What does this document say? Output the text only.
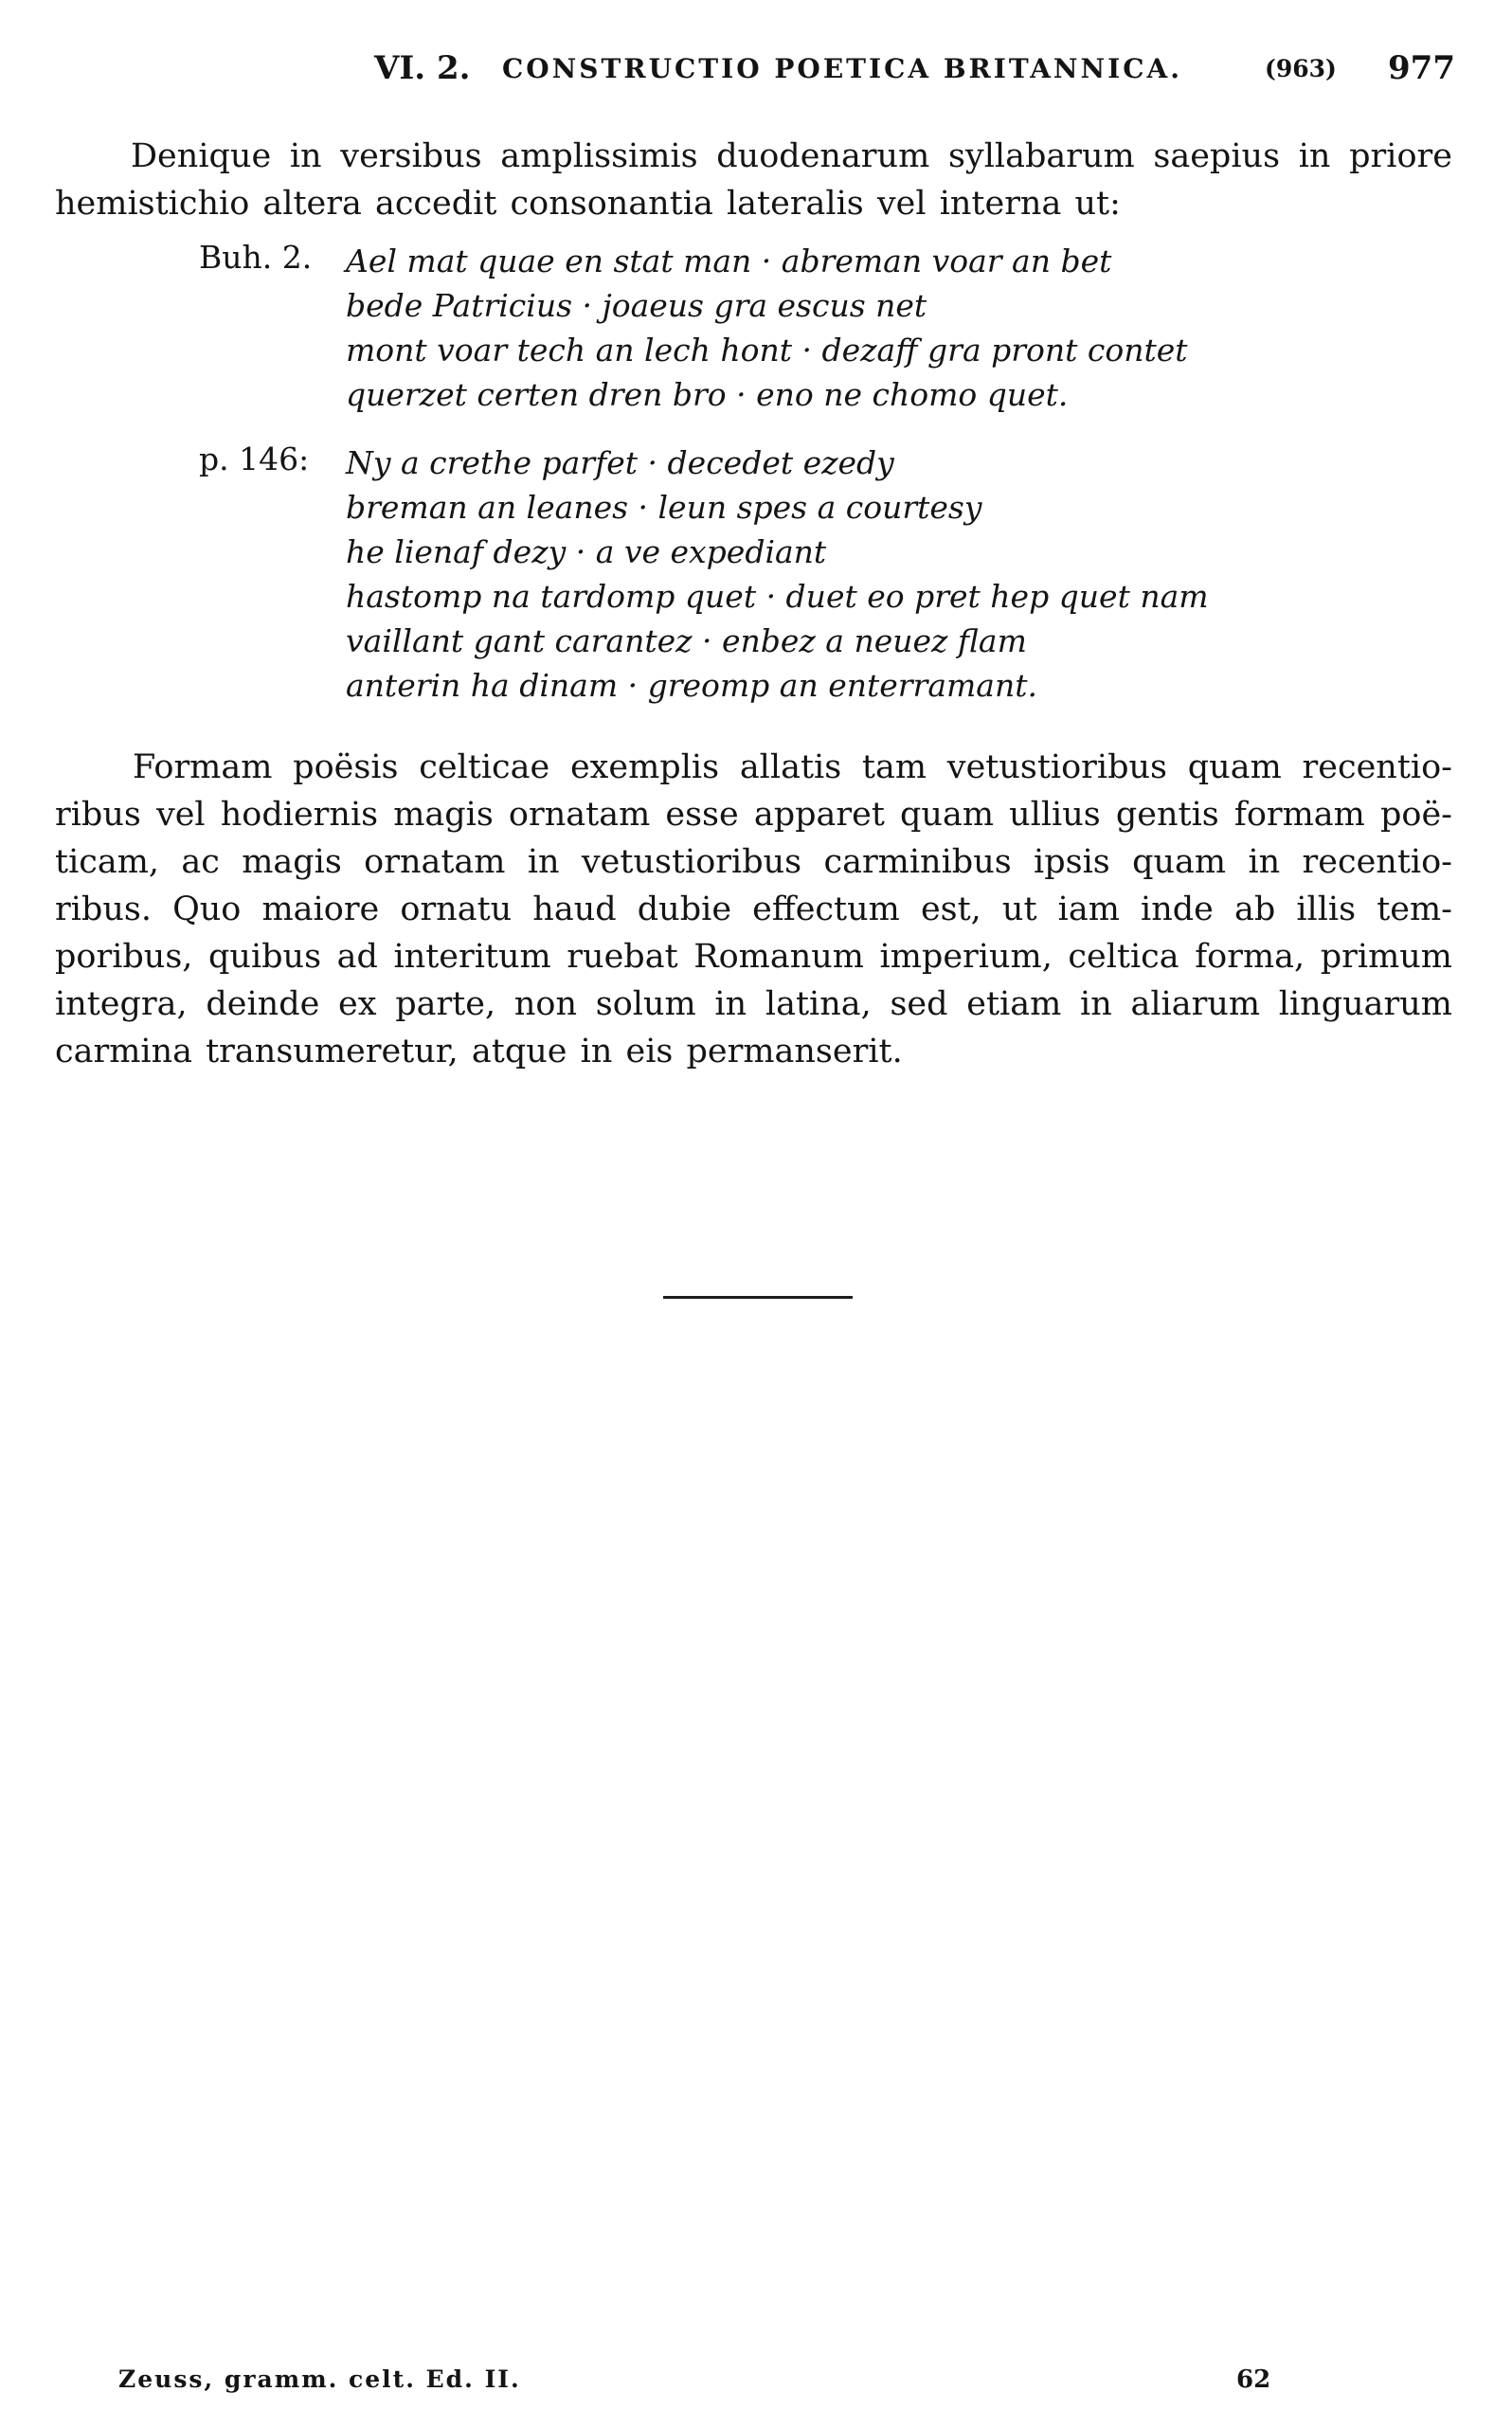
VI. 2. CONSTRUCTIO POETICA BRITANNICA.	(963) 977
Denique in versibus amplissimis duodenarum syllabarum saepius in priore
hemistichio altera accedit consonantia lateralis vel interna ut:
Buh. 2. Ael mat quae en stat man · abreman voar an bet
bede Patricius · joaeus gra escus net
mont voar tech an lech hont · dezaff gra pront contet
querzet certen dren bro · eno ne chomo quet.
p. 146: Ny a crethe parfet · decedet ezedy
breman an leanes · leun spes a courtesy
he lienaf dezy · a ve expediant
hastomp na tardomp quet · duet eo pret hep quet nam
vaillant gant carantez · enbez a neuez flam
anterin ha dinam · greomp an enterramant.
Formam poësis celticae exemplis allatis tam vetustioribus quam recentio-
ribus vel hodiernis magis ornatam esse apparet quam ullius gentis formam poë-
ticam, ac magis ornatam in vetustioribus carminibus ipsis quam in recentio-
ribus. Quo maiore ornatu haud dubie effectum est, ut iam inde ab illis tem-
poribus, quibus ad interitum ruebat Romanum imperium, celtica forma, primum
integra, deinde ex parte, non solum in latina, sed etiam in aliarum linguarum
carmina transumeretur, atque in eis permanserit.
Zeuss, gramm. celt. Ed. II.	62
